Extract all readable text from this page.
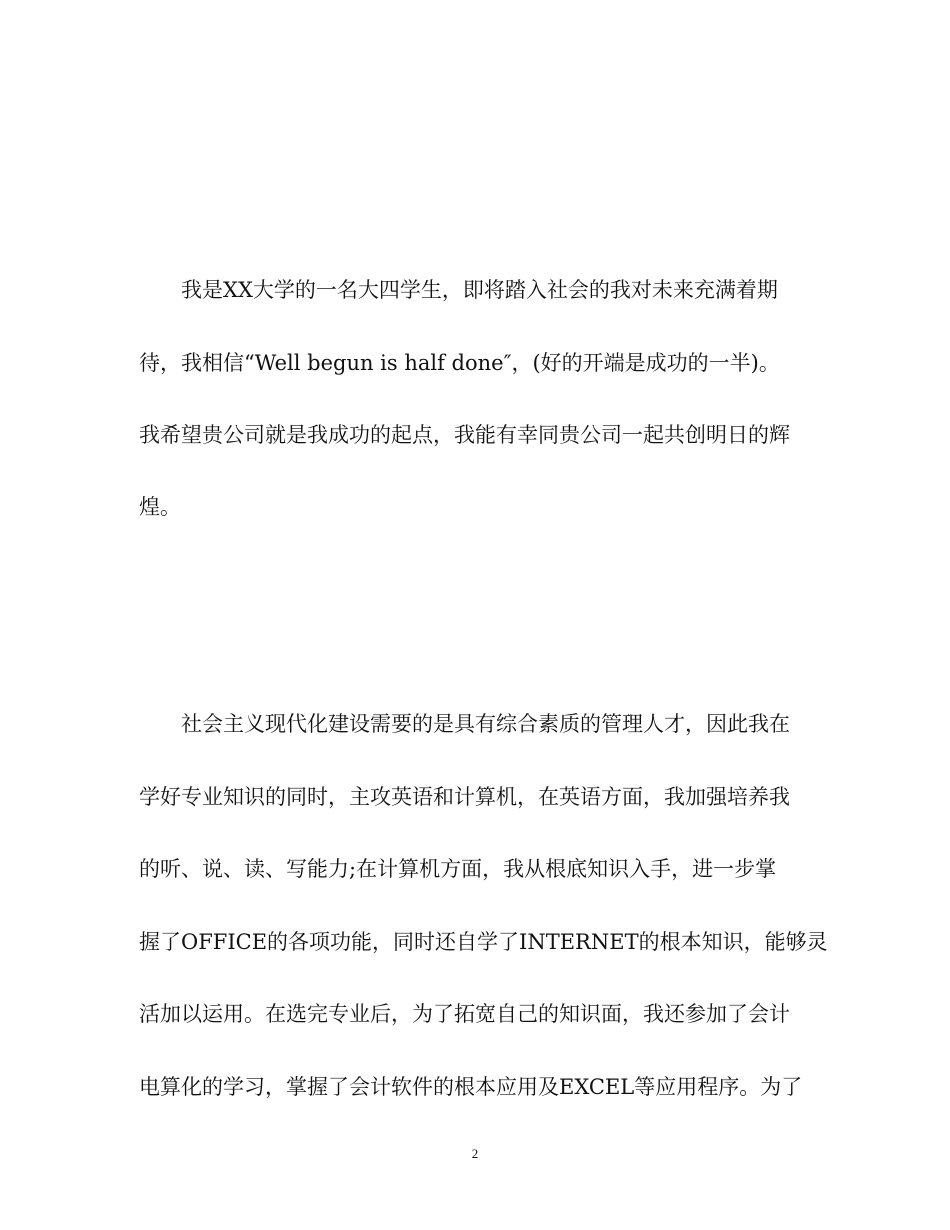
我是XX大学的一名大四学生，即将踏入社会的我对未来充满着期
待，我相信“Well begun is half done″，(好的开端是成功的一半)。
我希望贵公司就是我成功的起点，我能有幸同贵公司一起共创明日的辉
煌。
社会主义现代化建设需要的是具有综合素质的管理人才，因此我在
学好专业知识的同时，主攻英语和计算机，在英语方面，我加强培养我
的听、说、读、写能力;在计算机方面，我从根底知识入手，进一步掌
握了OFFICE的各项功能，同时还自学了INTERNET的根本知识，能够灵
活加以运用。在选完专业后，为了拓宽自己的知识面，我还参加了会计
电算化的学习，掌握了会计软件的根本应用及EXCEL等应用程序。为了
2
